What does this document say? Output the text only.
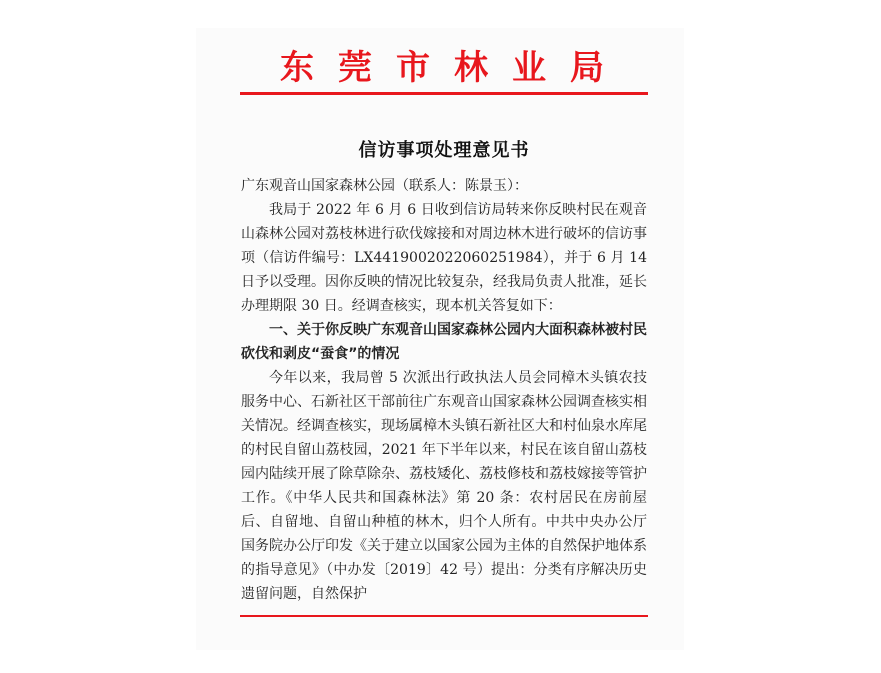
东莞市林业局
信访事项处理意见书

广东观音山国家森林公园（联系人：陈景玉）：

我局于 2022 年 6 月 6 日收到信访局转来你反映村民在观音山森林公园对荔枝林进行砍伐嫁接和对周边林木进行破坏的信访事项（信访件编号：LX4419002022060251984），并于 6 月 14 日予以受理。因你反映的情况比较复杂，经我局负责人批准，延长办理期限 30 日。经调查核实，现本机关答复如下：

一、关于你反映广东观音山国家森林公园内大面积森林被村民砍伐和剥皮“蚕食”的情况

今年以来，我局曾 5 次派出行政执法人员会同樟木头镇农技服务中心、石新社区干部前往广东观音山国家森林公园调查核实相关情况。经调查核实，现场属樟木头镇石新社区大和村仙泉水库尾的村民自留山荔枝园，2021 年下半年以来，村民在该自留山荔枝园内陆续开展了除草除杂、荔枝矮化、荔枝修枝和荔枝嫁接等管护工作。《中华人民共和国森林法》第 20 条：农村居民在房前屋后、自留地、自留山种植的林木，归个人所有。中共中央办公厅 国务院办公厅印发《关于建立以国家公园为主体的自然保护地体系的指导意见》（中办发〔2019〕42 号）提出：分类有序解决历史遗留问题，自然保护
